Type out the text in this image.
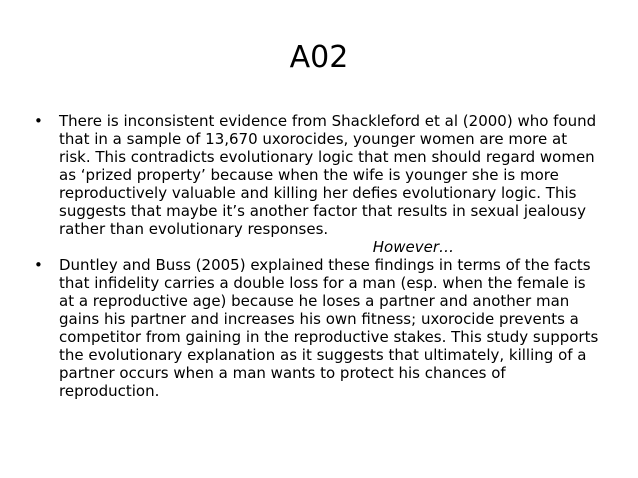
A02
•	There is inconsistent evidence from Shackleford et al (2000) who found that in a sample of 13,670 uxorocides, younger women are more at risk. This contradicts evolutionary logic that men should regard women as ‘prized property’ because when the wife is younger she is more reproductively valuable and killing her defies evolutionary logic. This suggests that maybe it’s another factor that results in sexual jealousy rather than evolutionary responses.
However…
•	Duntley and Buss (2005) explained these findings in terms of the facts that infidelity carries a double loss for a man (esp. when the female is at a reproductive age) because he loses a partner and another man gains his partner and increases his own fitness; uxorocide prevents a competitor from gaining in the reproductive stakes. This study supports the evolutionary explanation as it suggests that ultimately, killing of a partner occurs when a man wants to protect his chances of reproduction.
